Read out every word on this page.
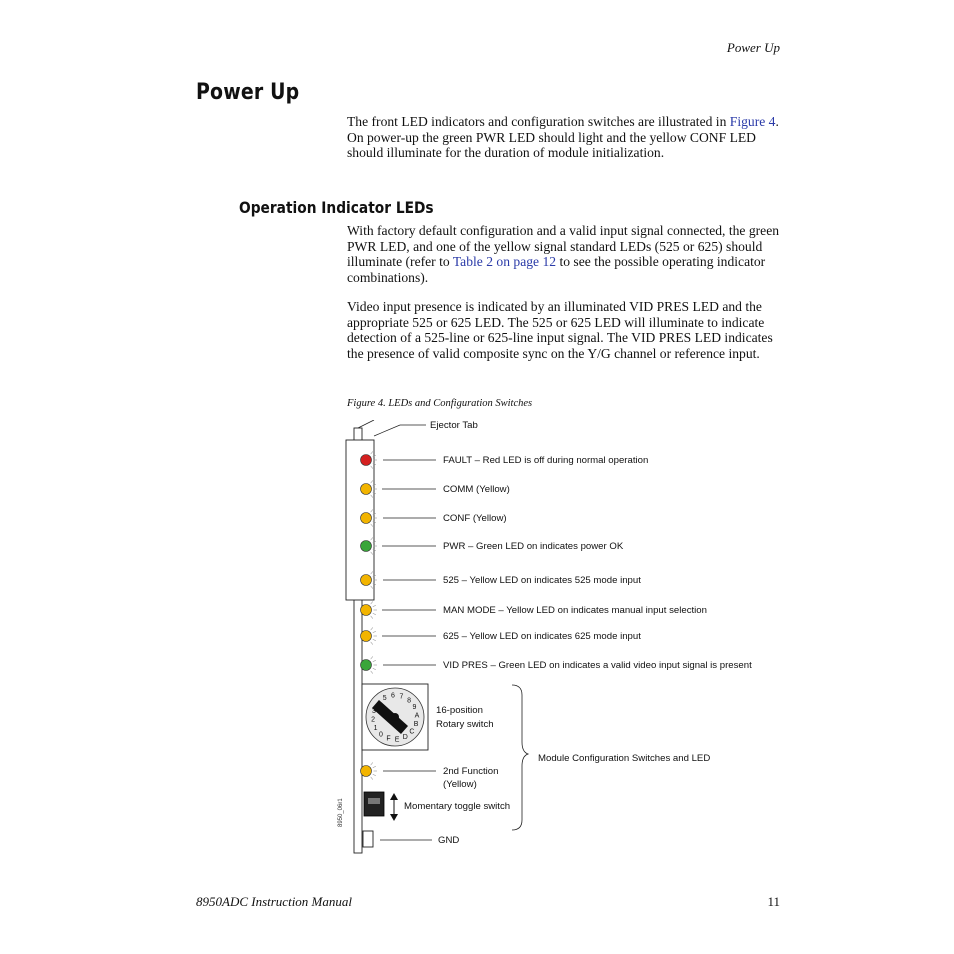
Power Up
Power Up

The front LED indicators and configuration switches are illustrated in Figure 4. On power-up the green PWR LED should light and the yellow CONF LED should illuminate for the duration of module initialization.

Operation Indicator LEDs

With factory default configuration and a valid input signal connected, the green PWR LED, and one of the yellow signal standard LEDs (525 or 625) should illuminate (refer to Table 2 on page 12 to see the possible operating indicator combinations).

Video input presence is indicated by an illuminated VID PRES LED and the appropriate 525 or 625 LED. The 525 or 625 LED will illuminate to indicate detection of a 525-line or 625-line input signal. The VID PRES LED indicates the presence of valid composite sync on the Y/G channel or reference input.

Figure 4. LEDs and Configuration Switches
0
1
2
3
5 6 7
8
9
A
B
C
D
E
F
Ejector Tab
FAULT – Red LED is off during normal operation
COMM (Yellow)
CONF (Yellow)
PWR – Green LED on indicates power OK
525 – Yellow LED on indicates 525 mode input
MAN MODE – Yellow LED on indicates manual input selection
625 – Yellow LED on indicates 625 mode input
VID PRES – Green LED on indicates a valid video input signal is present
16-position
Rotary switch
2nd Function
(Yellow)
Momentary toggle switch
GND
Module Configuration Switches and LED
8950_06r1
8950ADC Instruction Manual	11
